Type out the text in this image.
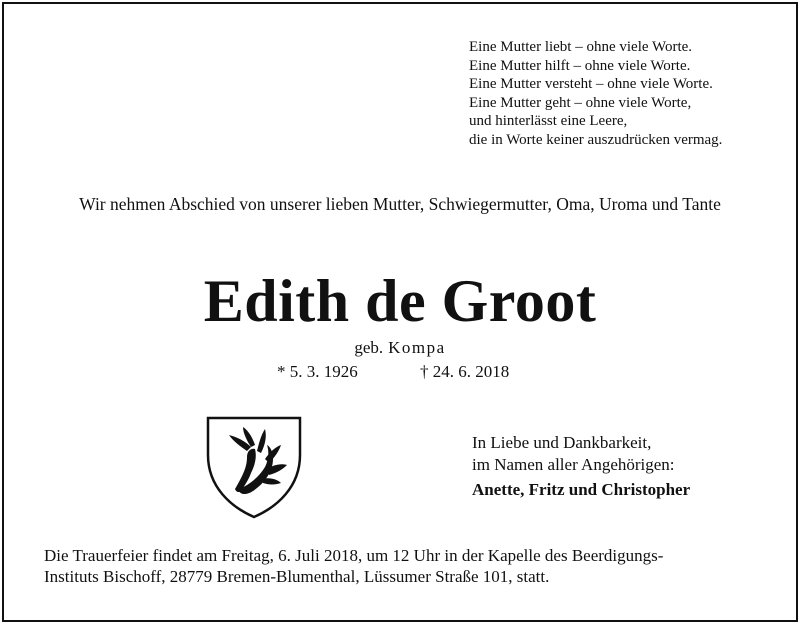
Eine Mutter liebt – ohne viele Worte.
Eine Mutter hilft – ohne viele Worte.
Eine Mutter versteht – ohne viele Worte.
Eine Mutter geht – ohne viele Worte,
und hinterlässt eine Leere,
die in Worte keiner auszudrücken vermag.
Wir nehmen Abschied von unserer lieben Mutter, Schwiegermutter, Oma, Uroma und Tante
Edith de Groot
geb. Kompa
* 5. 3. 1926	† 24. 6. 2018
In Liebe und Dankbarkeit,
im Namen aller Angehörigen:
Anette, Fritz und Christopher
Die Trauerfeier findet am Freitag, 6. Juli 2018, um 12 Uhr in der Kapelle des Beerdigungs-
Instituts Bischoff, 28779 Bremen-Blumenthal, Lüssumer Straße 101, statt.
